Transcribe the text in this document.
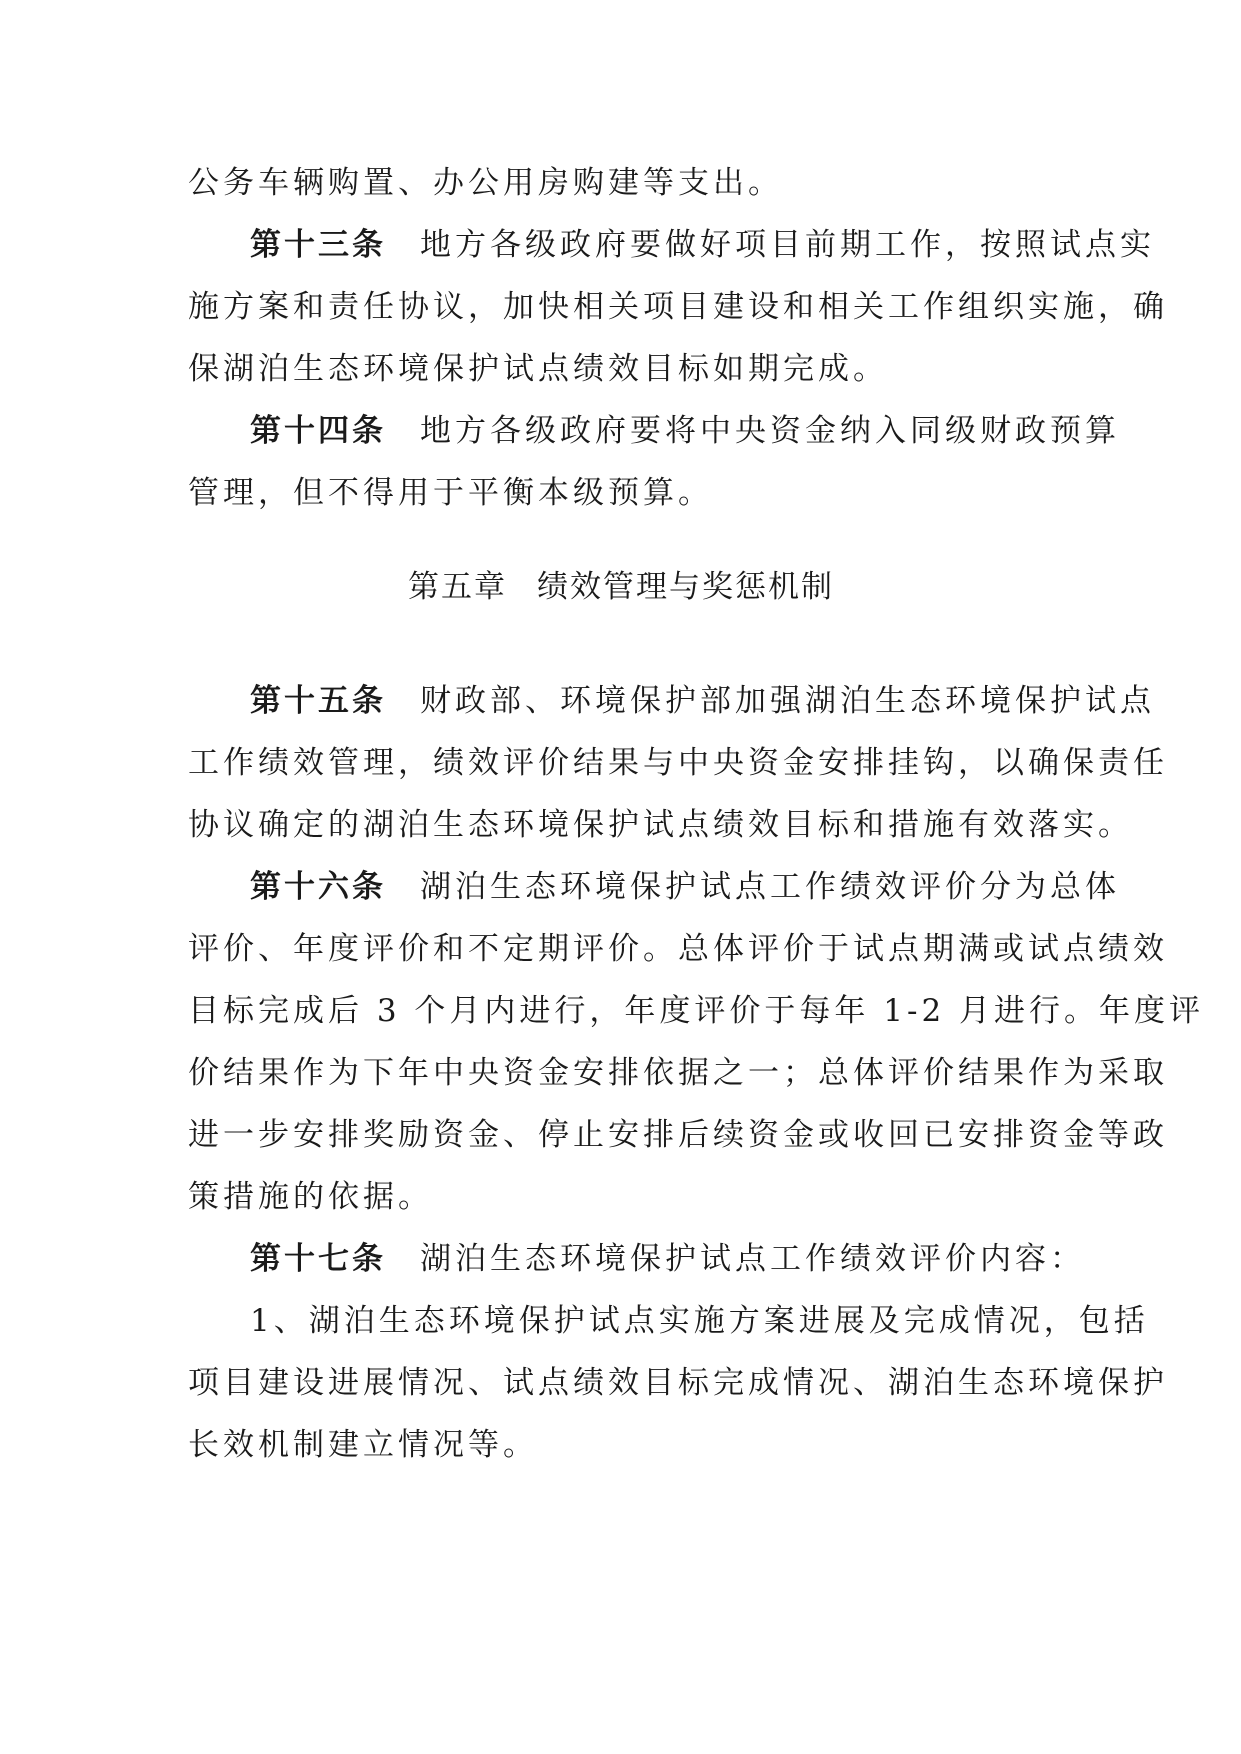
公务车辆购置、办公用房购建等支出。
第十三条 地方各级政府要做好项目前期工作，按照试点实
施方案和责任协议，加快相关项目建设和相关工作组织实施，确
保湖泊生态环境保护试点绩效目标如期完成。
第十四条 地方各级政府要将中央资金纳入同级财政预算
管理，但不得用于平衡本级预算。
第五章 绩效管理与奖惩机制
第十五条 财政部、环境保护部加强湖泊生态环境保护试点
工作绩效管理，绩效评价结果与中央资金安排挂钩，以确保责任
协议确定的湖泊生态环境保护试点绩效目标和措施有效落实。
第十六条 湖泊生态环境保护试点工作绩效评价分为总体
评价、年度评价和不定期评价。总体评价于试点期满或试点绩效
目标完成后 3 个月内进行，年度评价于每年 1-2 月进行。年度评
价结果作为下年中央资金安排依据之一；总体评价结果作为采取
进一步安排奖励资金、停止安排后续资金或收回已安排资金等政
策措施的依据。
第十七条 湖泊生态环境保护试点工作绩效评价内容：
1、湖泊生态环境保护试点实施方案进展及完成情况，包括
项目建设进展情况、试点绩效目标完成情况、湖泊生态环境保护
长效机制建立情况等。
